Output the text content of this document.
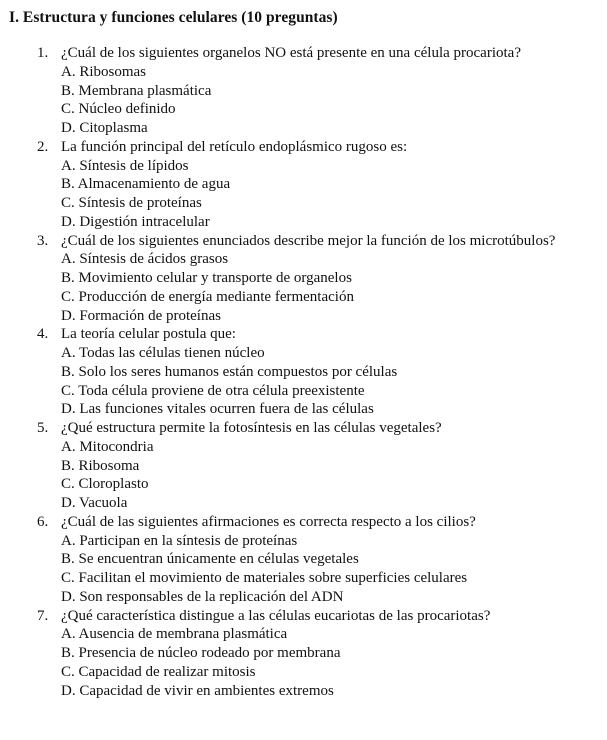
I. Estructura y funciones celulares (10 preguntas)
1. ¿Cuál de los siguientes organelos NO está presente en una célula procariota?
A. Ribosomas
B. Membrana plasmática
C. Núcleo definido
D. Citoplasma
2. La función principal del retículo endoplásmico rugoso es:
A. Síntesis de lípidos
B. Almacenamiento de agua
C. Síntesis de proteínas
D. Digestión intracelular
3. ¿Cuál de los siguientes enunciados describe mejor la función de los microtúbulos?
A. Síntesis de ácidos grasos
B. Movimiento celular y transporte de organelos
C. Producción de energía mediante fermentación
D. Formación de proteínas
4. La teoría celular postula que:
A. Todas las células tienen núcleo
B. Solo los seres humanos están compuestos por células
C. Toda célula proviene de otra célula preexistente
D. Las funciones vitales ocurren fuera de las células
5. ¿Qué estructura permite la fotosíntesis en las células vegetales?
A. Mitocondria
B. Ribosoma
C. Cloroplasto
D. Vacuola
6. ¿Cuál de las siguientes afirmaciones es correcta respecto a los cilios?
A. Participan en la síntesis de proteínas
B. Se encuentran únicamente en células vegetales
C. Facilitan el movimiento de materiales sobre superficies celulares
D. Son responsables de la replicación del ADN
7. ¿Qué característica distingue a las células eucariotas de las procariotas?
A. Ausencia de membrana plasmática
B. Presencia de núcleo rodeado por membrana
C. Capacidad de realizar mitosis
D. Capacidad de vivir en ambientes extremos
